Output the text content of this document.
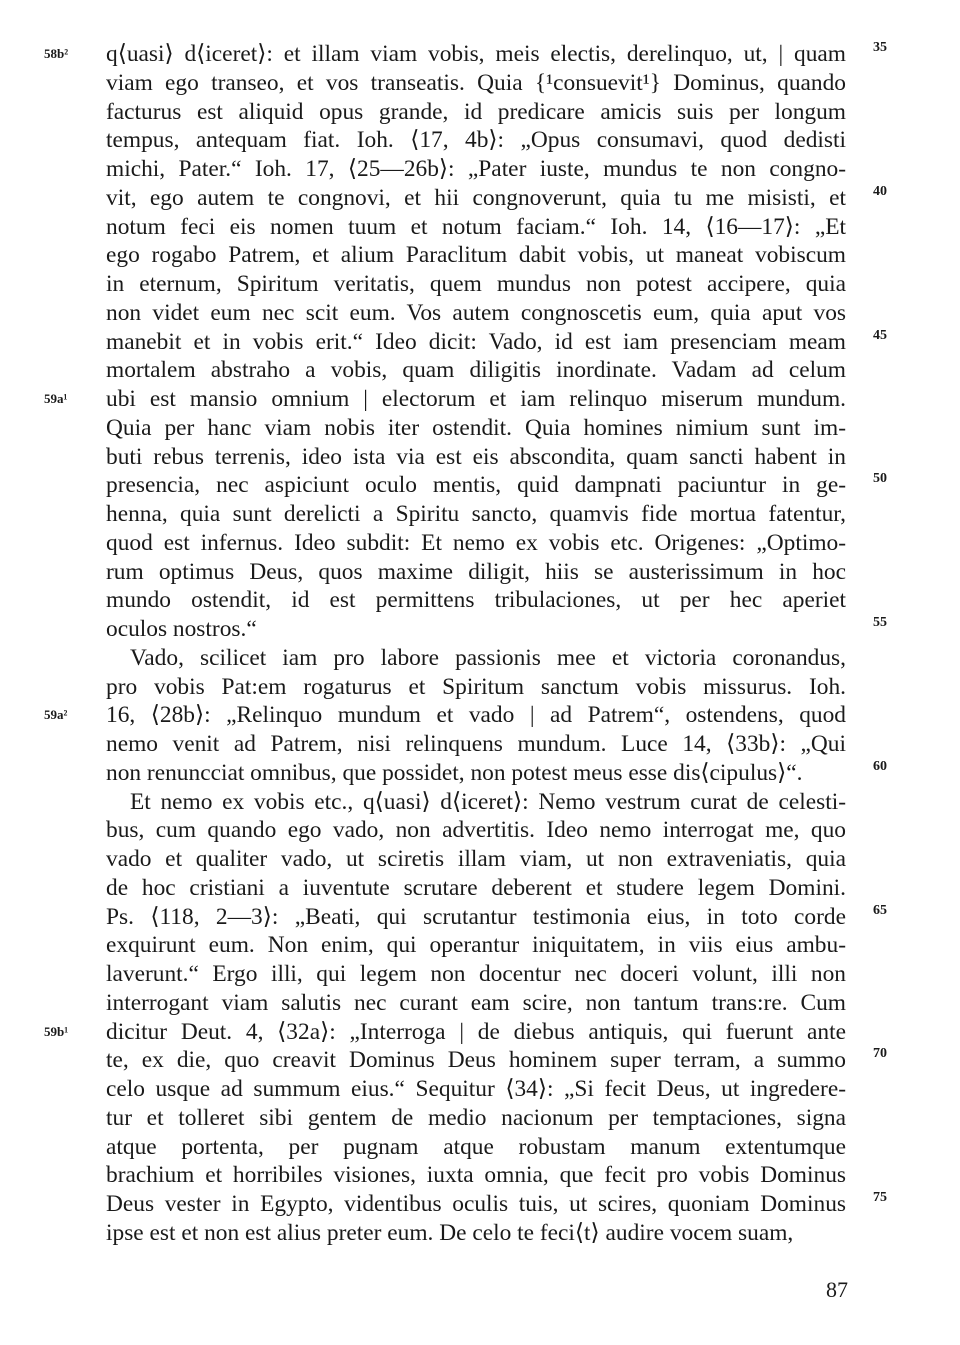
q⟨uasi⟩ d⟨iceret⟩: et illam viam vobis, meis electis, derelinquo, ut, | quam
viam ego transeo, et vos transeatis. Quia {¹consuevit¹} Dominus, quando
facturus est aliquid opus grande, id predicare amicis suis per longum
tempus, antequam fiat. Ioh. ⟨17, 4b⟩: „Opus consumavi, quod dedisti
michi, Pater.“ Ioh. 17, ⟨25—26b⟩: „Pater iuste, mundus te non congno-
vit, ego autem te congnovi, et hii congnoverunt, quia tu me misisti, et
notum feci eis nomen tuum et notum faciam.“ Ioh. 14, ⟨16—17⟩: „Et
ego rogabo Patrem, et alium Paraclitum dabit vobis, ut maneat vobiscum
in eternum, Spiritum veritatis, quem mundus non potest accipere, quia
non videt eum nec scit eum. Vos autem congnoscetis eum, quia aput vos
manebit et in vobis erit.“ Ideo dicit: Vado, id est iam presenciam meam
mortalem abstraho a vobis, quam diligitis inordinate. Vadam ad celum
ubi est mansio omnium | electorum et iam relinquo miserum mundum.
Quia per hanc viam nobis iter ostendit. Quia homines nimium sunt im-
buti rebus terrenis, ideo ista via est eis abscondita, quam sancti habent in
presencia, nec aspiciunt oculo mentis, quid dampnati paciuntur in ge-
henna, quia sunt derelicti a Spiritu sancto, quamvis fide mortua fatentur,
quod est infernus. Ideo subdit: Et nemo ex vobis etc. Origenes: „Optimo-
rum optimus Deus, quos maxime diligit, hiis se austerissimum in hoc
mundo ostendit, id est permittens tribulaciones, ut per hec aperiet
oculos nostros.“
Vado, scilicet iam pro labore passionis mee et victoria coronandus,
pro vobis Pat:em rogaturus et Spiritum sanctum vobis missurus. Ioh.
16, ⟨28b⟩: „Relinquo mundum et vado | ad Patrem“, ostendens, quod
nemo venit ad Patrem, nisi relinquens mundum. Luce 14, ⟨33b⟩: „Qui
non renuncciat omnibus, que possidet, non potest meus esse dis⟨cipulus⟩“.
Et nemo ex vobis etc., q⟨uasi⟩ d⟨iceret⟩: Nemo vestrum curat de celesti-
bus, cum quando ego vado, non advertitis. Ideo nemo interrogat me, quo
vado et qualiter vado, ut sciretis illam viam, ut non extraveniatis, quia
de hoc cristiani a iuventute scrutare deberent et studere legem Domini.
Ps. ⟨118, 2—3⟩: „Beati, qui scrutantur testimonia eius, in toto corde
exquirunt eum. Non enim, qui operantur iniquitatem, in viis eius ambu-
laverunt.“ Ergo illi, qui legem non docentur nec doceri volunt, illi non
interrogant viam salutis nec curant eam scire, non tantum trans:re. Cum
dicitur Deut. 4, ⟨32a⟩: „Interroga | de diebus antiquis, qui fuerunt ante
te, ex die, quo creavit Dominus Deus hominem super terram, a summo
celo usque ad summum eius.“ Sequitur ⟨34⟩: „Si fecit Deus, ut ingredere-
tur et tolleret sibi gentem de medio nacionum per temptaciones, signa
atque portenta, per pugnam atque robustam manum extentumque
brachium et horribiles visiones, iuxta omnia, que fecit pro vobis Dominus
Deus vester in Egypto, videntibus oculis tuis, ut scires, quoniam Dominus
ipse est et non est alius preter eum. De celo te feci⟨t⟩ audire vocem suam,
35
40
45
50
55
60
65
70
75
58b²
59a¹
59a²
59b¹
87
